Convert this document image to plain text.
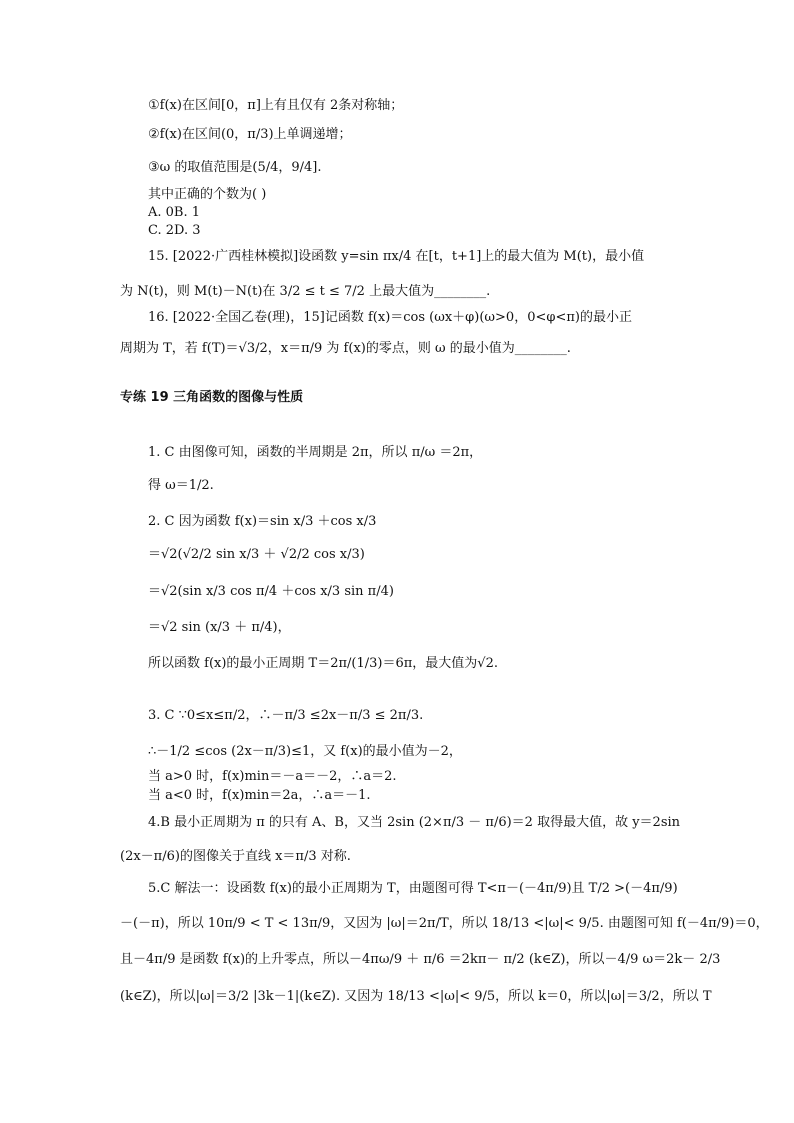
①f(x)在区间[0，π]上有且仅有 2条对称轴；
②f(x)在区间(0，π/3)上单调递增；
③ω 的取值范围是(5/4，9/4].
其中正确的个数为( )
A. 0B. 1
C. 2D. 3
15. [2022·广西桂林模拟]设函数 y=sin πx/4 在[t，t+1]上的最大值为 M(t)，最小值
为 N(t)，则 M(t)－N(t)在 3/2 ≤ t ≤ 7/2 上最大值为________.
16. [2022·全国乙卷(理)，15]记函数 f(x)＝cos (ωx＋φ)(ω>0，0<φ<π)的最小正
周期为 T，若 f(T)＝√3/2，x＝π/9 为 f(x)的零点，则 ω 的最小值为________.
专练 19 三角函数的图像与性质
1. C 由图像可知，函数的半周期是 2π，所以 π/ω ＝2π，
得 ω＝1/2.
2. C 因为函数 f(x)＝sin x/3 ＋cos x/3
＝√2(√2/2 sin x/3 ＋ √2/2 cos x/3)
＝√2(sin x/3 cos π/4 ＋cos x/3 sin π/4)
＝√2 sin (x/3 ＋ π/4)，
所以函数 f(x)的最小正周期 T＝2π/(1/3)＝6π，最大值为√2.
3. C ∵0≤x≤π/2，∴－π/3 ≤2x－π/3 ≤ 2π/3.
∴－1/2 ≤cos (2x－π/3)≤1，又 f(x)的最小值为－2，
当 a>0 时，f(x)min＝－a＝－2，∴a＝2.
当 a<0 时，f(x)min＝2a，∴a＝－1.
4.B 最小正周期为 π 的只有 A、B，又当 2sin (2×π/3 － π/6)＝2 取得最大值，故 y＝2sin
(2x－π/6)的图像关于直线 x＝π/3 对称.
5.C 解法一：设函数 f(x)的最小正周期为 T，由题图可得 T<π－(－4π/9)且 T/2 >(－4π/9)
－(－π)，所以 10π/9 < T < 13π/9，又因为 |ω|＝2π/T，所以 18/13 <|ω|< 9/5. 由题图可知 f(－4π/9)＝0，
且－4π/9 是函数 f(x)的上升零点，所以－4πω/9 ＋ π/6 ＝2kπ－ π/2 (k∈Z)，所以－4/9 ω＝2k－ 2/3
(k∈Z)，所以|ω|＝3/2 |3k－1|(k∈Z). 又因为 18/13 <|ω|< 9/5，所以 k＝0，所以|ω|＝3/2，所以 T
